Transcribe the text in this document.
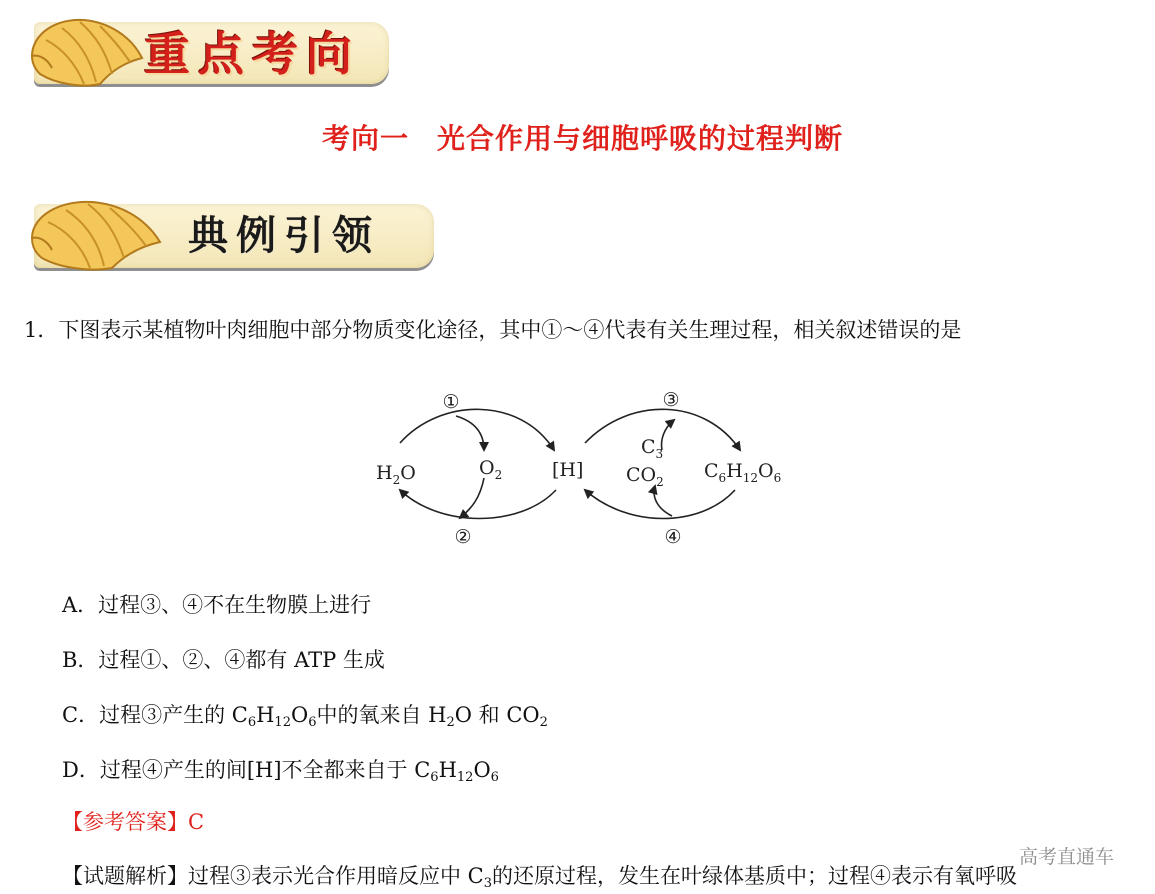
重点考向
考向一 光合作用与细胞呼吸的过程判断
典例引领
1．下图表示某植物叶肉细胞中部分物质变化途径，其中①～④代表有关生理过程，相关叙述错误的是
①
②
③
④
$H_2O$	$O_2$	[H]
$C_3$
$CO_2$ $C_6H_{12}O_6$
A．过程③、④不在生物膜上进行
B．过程①、②、④都有 ATP 生成
C．过程③产生的 $C_6H_{12}O_6$中的氧来自 $H_2O$ 和 $CO_2$
D．过程④产生的间[H]不全都来自于 $C_6H_{12}O_6$
【参考答案】C
【试题解析】过程③表示光合作用暗反应中 $C_3$的还原过程，发生在叶绿体基质中；过程④表示有氧呼吸
高考直通车
